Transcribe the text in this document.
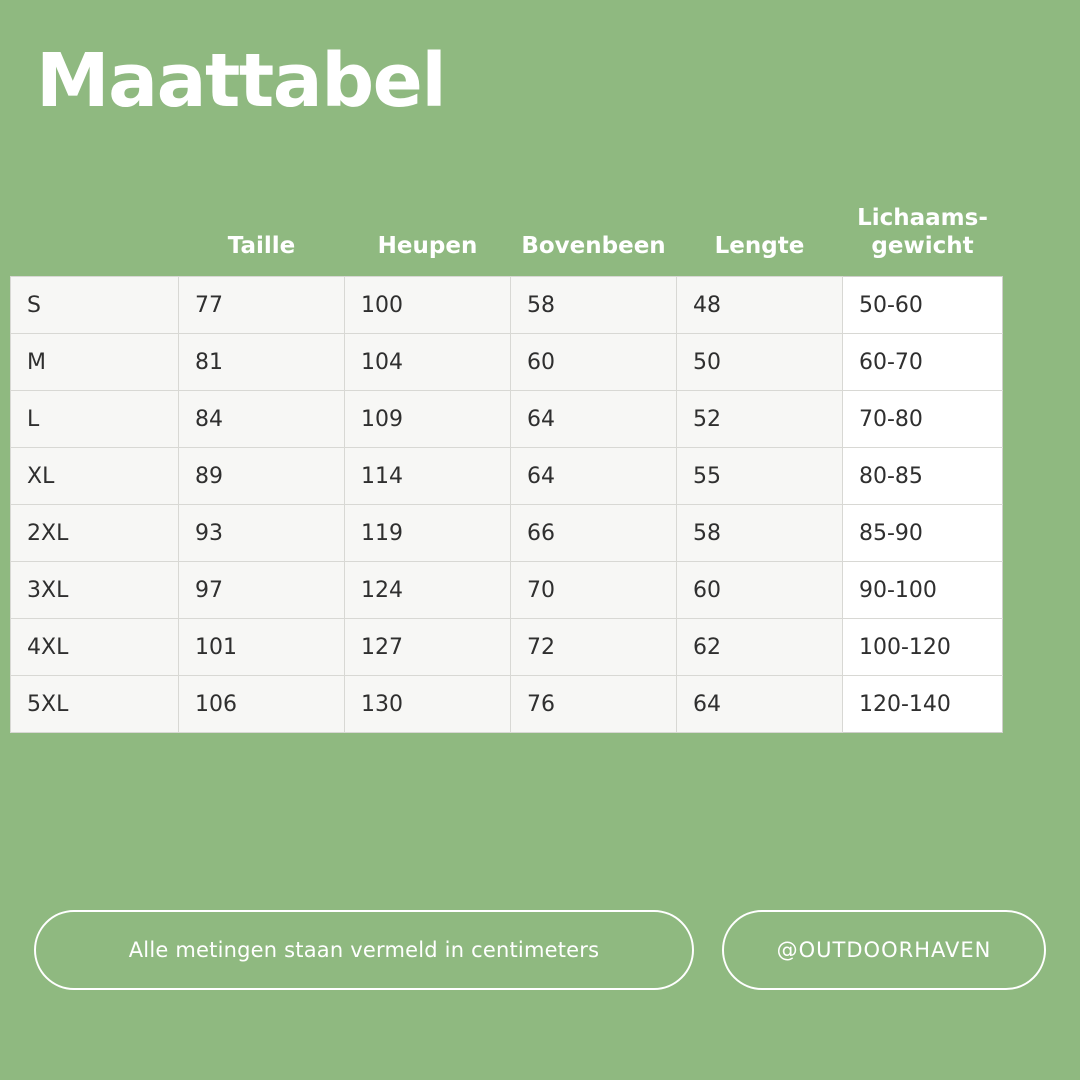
Maattabel
	Taille	Heupen	Bovenbeen	Lengte	Lichaams-
gewicht
S	77	100	58	48	50-60
M	81	104	60	50	60-70
L	84	109	64	52	70-80
XL	89	114	64	55	80-85
2XL	93	119	66	58	85-90
3XL	97	124	70	60	90-100
4XL	101	127	72	62	100-120
5XL	106	130	76	64	120-140
Alle metingen staan vermeld in centimeters	@OUTDOORHAVEN
